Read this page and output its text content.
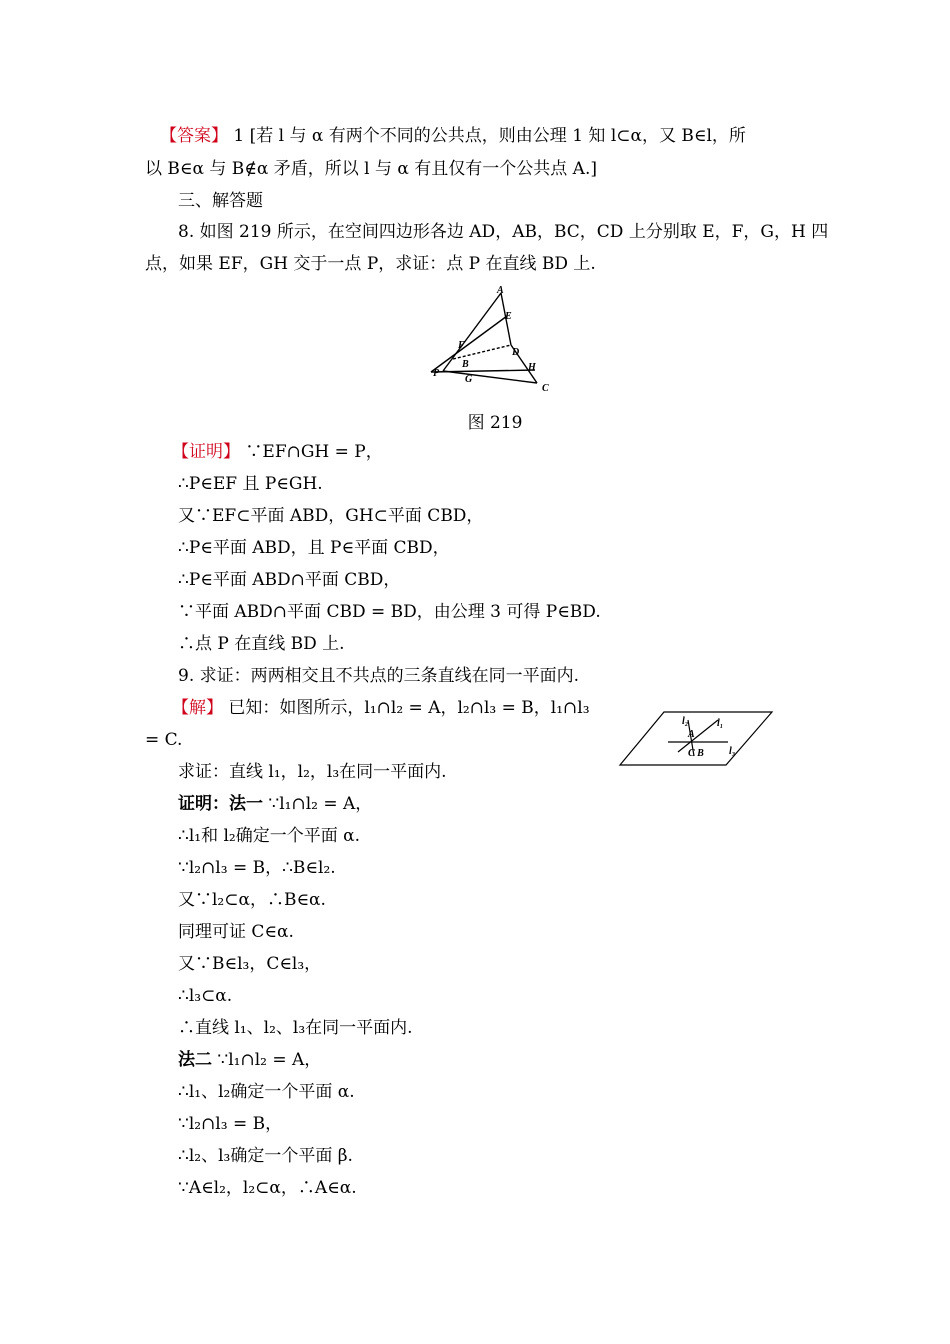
【答案】 1 [若 l 与 α 有两个不同的公共点，则由公理 1 知 l⊂α，又 B∈l，所
以 B∈α 与 B∉α 矛盾，所以 l 与 α 有且仅有一个公共点 A.]
三、解答题
8. 如图 219 所示，在空间四边形各边 AD，AB，BC，CD 上分别取 E，F，G，H 四
点，如果 EF，GH 交于一点 P，求证：点 P 在直线 BD 上.
A
E
F
B
D
H
P
G
C
图 219
【证明】 ∵EF∩GH = P，
∴P∈EF 且 P∈GH.
又∵EF⊂平面 ABD，GH⊂平面 CBD，
∴P∈平面 ABD，且 P∈平面 CBD，
∴P∈平面 ABD∩平面 CBD，
∵平面 ABD∩平面 CBD = BD，由公理 3 可得 P∈BD.
∴点 P 在直线 BD 上.
9. 求证：两两相交且不共点的三条直线在同一平面内.
【解】 已知：如图所示，l₁∩l₂ = A，l₂∩l₃ = B，l₁∩l₃
= C.
l₂	l₁
A
C B	l₃
求证：直线 l₁，l₂，l₃在同一平面内.
证明：法一 ∵l₁∩l₂ = A，
∴l₁和 l₂确定一个平面 α.
∵l₂∩l₃ = B，∴B∈l₂.
又∵l₂⊂α，∴B∈α.
同理可证 C∈α.
又∵B∈l₃，C∈l₃，
∴l₃⊂α.
∴直线 l₁、l₂、l₃在同一平面内.
法二 ∵l₁∩l₂ = A，
∴l₁、l₂确定一个平面 α.
∵l₂∩l₃ = B，
∴l₂、l₃确定一个平面 β.
∵A∈l₂，l₂⊂α，∴A∈α.
